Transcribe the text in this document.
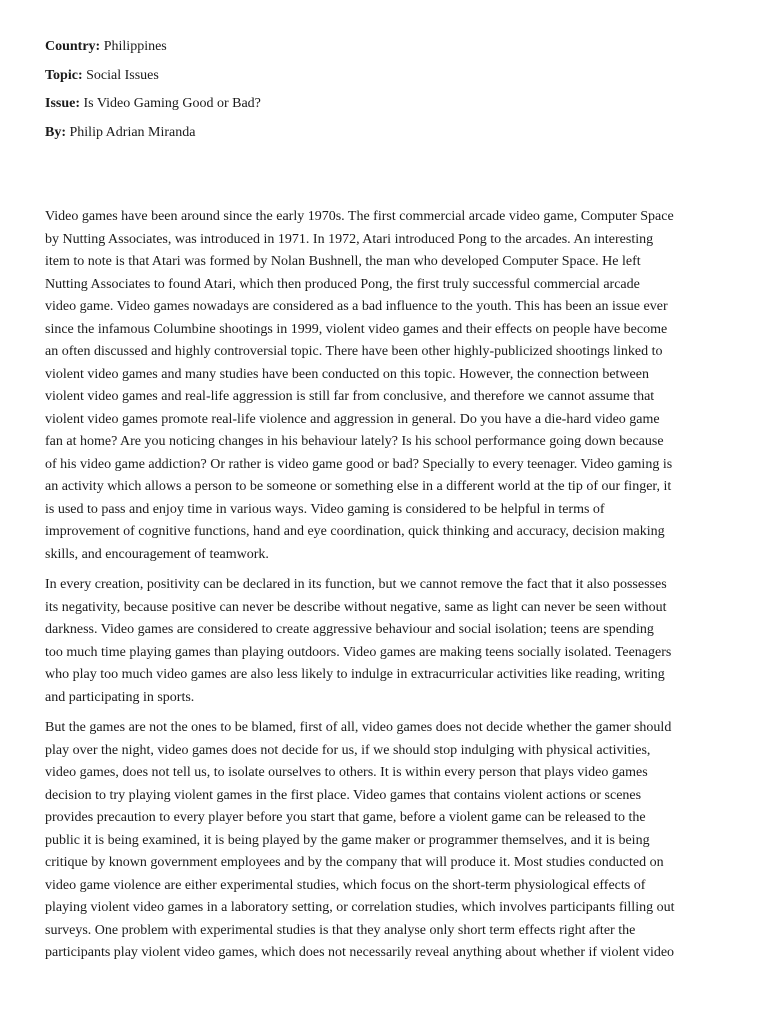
Country: Philippines
Topic: Social Issues
Issue: Is Video Gaming Good or Bad?
By: Philip Adrian Miranda
Video games have been around since the early 1970s. The first commercial arcade video game, Computer Space
by Nutting Associates, was introduced in 1971. In 1972, Atari introduced Pong to the arcades. An interesting
item to note is that Atari was formed by Nolan Bushnell, the man who developed Computer Space. He left
Nutting Associates to found Atari, which then produced Pong, the first truly successful commercial arcade
video game. Video games nowadays are considered as a bad influence to the youth. This has been an issue ever
since the infamous Columbine shootings in 1999, violent video games and their effects on people have become
an often discussed and highly controversial topic. There have been other highly-publicized shootings linked to
violent video games and many studies have been conducted on this topic. However, the connection between
violent video games and real-life aggression is still far from conclusive, and therefore we cannot assume that
violent video games promote real-life violence and aggression in general. Do you have a die-hard video game
fan at home? Are you noticing changes in his behaviour lately? Is his school performance going down because
of his video game addiction? Or rather is video game good or bad? Specially to every teenager. Video gaming is
an activity which allows a person to be someone or something else in a different world at the tip of our finger, it
is used to pass and enjoy time in various ways. Video gaming is considered to be helpful in terms of
improvement of cognitive functions, hand and eye coordination, quick thinking and accuracy, decision making
skills, and encouragement of teamwork.
In every creation, positivity can be declared in its function, but we cannot remove the fact that it also possesses
its negativity, because positive can never be describe without negative, same as light can never be seen without
darkness. Video games are considered to create aggressive behaviour and social isolation; teens are spending
too much time playing games than playing outdoors. Video games are making teens socially isolated. Teenagers
who play too much video games are also less likely to indulge in extracurricular activities like reading, writing
and participating in sports.
But the games are not the ones to be blamed, first of all, video games does not decide whether the gamer should
play over the night, video games does not decide for us, if we should stop indulging with physical activities,
video games, does not tell us, to isolate ourselves to others. It is within every person that plays video games
decision to try playing violent games in the first place. Video games that contains violent actions or scenes
provides precaution to every player before you start that game, before a violent game can be released to the
public it is being examined, it is being played by the game maker or programmer themselves, and it is being
critique by known government employees and by the company that will produce it. Most studies conducted on
video game violence are either experimental studies, which focus on the short-term physiological effects of
playing violent video games in a laboratory setting, or correlation studies, which involves participants filling out
surveys. One problem with experimental studies is that they analyse only short term effects right after the
participants play violent video games, which does not necessarily reveal anything about whether if violent video
